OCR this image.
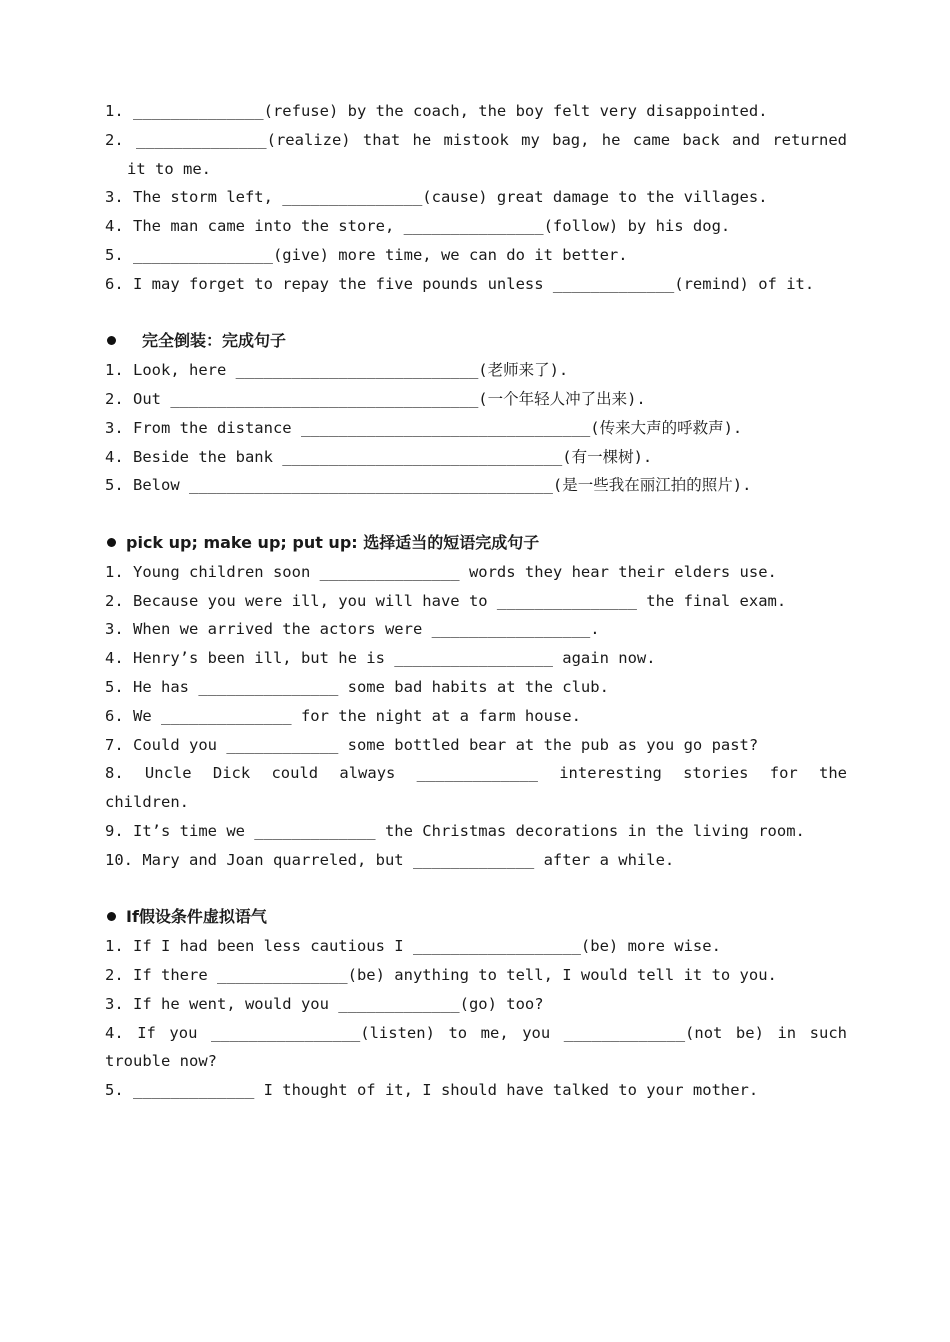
1. ______________(refuse) by the coach, the boy felt very disappointed.
2. ______________(realize) that he mistook my bag, he came back and returned
it to me.
3. The storm left, _______________(cause) great damage to the villages.
4. The man came into the store, _______________(follow) by his dog.
5. _______________(give) more time, we can do it better.
6. I may forget to repay the five pounds unless _____________(remind) of it.
完全倒装：完成句子
1. Look, here __________________________(老师来了).
2. Out _________________________________(一个年轻人冲了出来).
3. From the distance _______________________________(传来大声的呼救声).
4. Beside the bank ______________________________(有一棵树).
5. Below _______________________________________(是一些我在丽江拍的照片).
pick up; make up; put up: 选择适当的短语完成句子
1. Young children soon _______________ words they hear their elders use.
2. Because you were ill, you will have to _______________ the final exam.
3. When we arrived the actors were _________________.
4. Henry’s been ill, but he is _________________ again now.
5. He has _______________ some bad habits at the club.
6. We ______________ for the night at a farm house.
7. Could you ____________ some bottled bear at the pub as you go past?
8. Uncle Dick could always _____________ interesting stories for the
children.
9. It’s time we _____________ the Christmas decorations in the living room.
10. Mary and Joan quarreled, but _____________ after a while.
If假设条件虚拟语气
1. If I had been less cautious I __________________(be) more wise.
2. If there ______________(be) anything to tell, I would tell it to you.
3. If he went, would you _____________(go) too?
4. If you ________________(listen) to me, you _____________(not be) in such
trouble now?
5. _____________ I thought of it, I should have talked to your mother.
